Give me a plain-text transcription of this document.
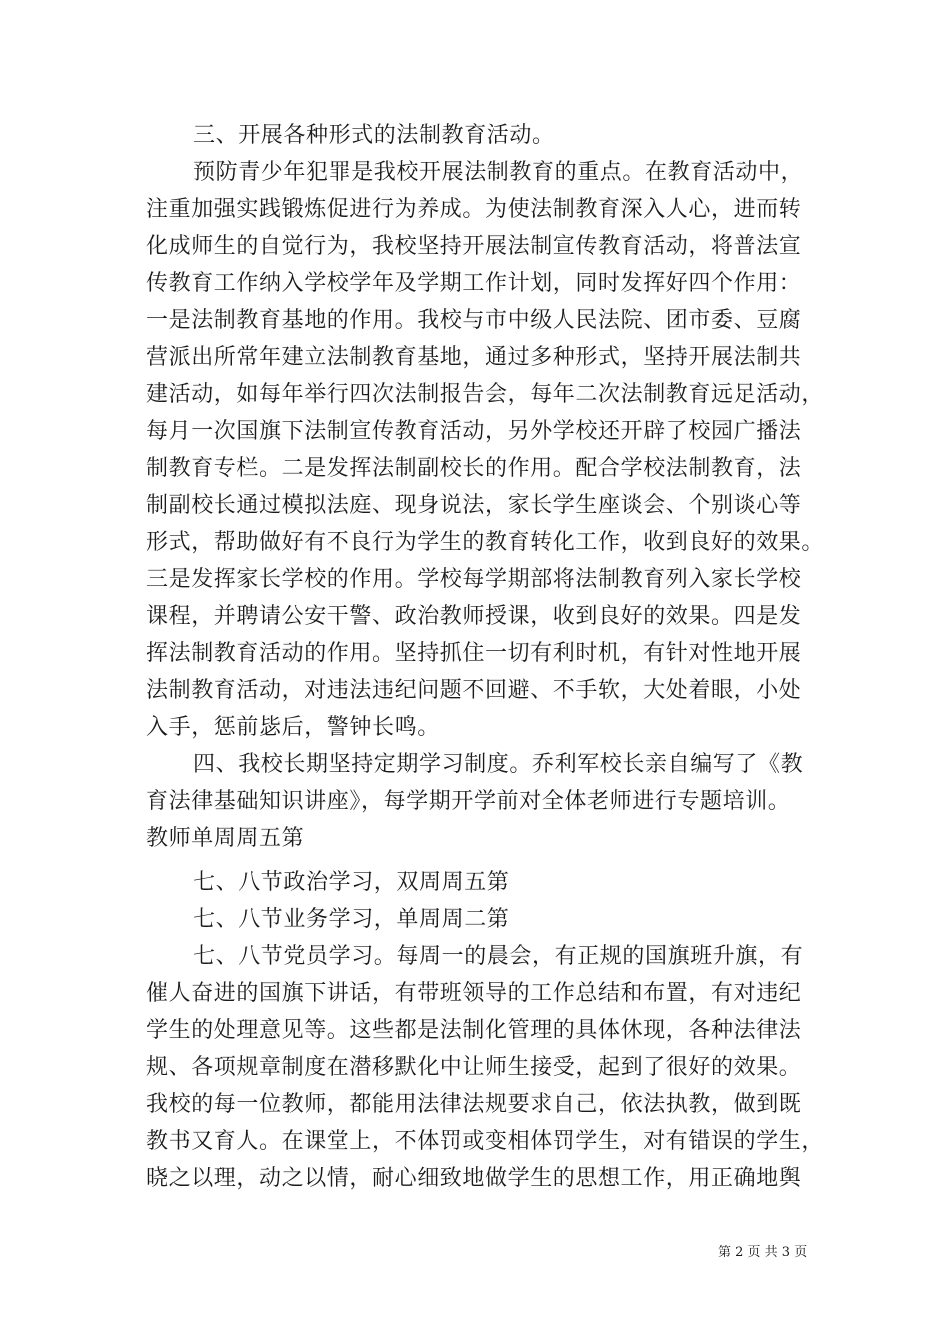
三、开展各种形式的法制教育活动。
预防青少年犯罪是我校开展法制教育的重点。在教育活动中，
注重加强实践锻炼促进行为养成。为使法制教育深入人心，进而转
化成师生的自觉行为，我校坚持开展法制宣传教育活动，将普法宣
传教育工作纳入学校学年及学期工作计划，同时发挥好四个作用：
一是法制教育基地的作用。我校与市中级人民法院、团市委、豆腐
营派出所常年建立法制教育基地，通过多种形式，坚持开展法制共
建活动，如每年举行四次法制报告会，每年二次法制教育远足活动，
每月一次国旗下法制宣传教育活动，另外学校还开辟了校园广播法
制教育专栏。二是发挥法制副校长的作用。配合学校法制教育，法
制副校长通过模拟法庭、现身说法，家长学生座谈会、个别谈心等
形式，帮助做好有不良行为学生的教育转化工作，收到良好的效果。
三是发挥家长学校的作用。学校每学期部将法制教育列入家长学校
课程，并聘请公安干警、政治教师授课，收到良好的效果。四是发
挥法制教育活动的作用。坚持抓住一切有利时机，有针对性地开展
法制教育活动，对违法违纪问题不回避、不手软，大处着眼，小处
入手，惩前毖后，警钟长鸣。
四、我校长期坚持定期学习制度。乔利军校长亲自编写了《教
育法律基础知识讲座》，每学期开学前对全体老师进行专题培训。
教师单周周五第
七、八节政治学习，双周周五第
七、八节业务学习，单周周二第
七、八节党员学习。每周一的晨会，有正规的国旗班升旗，有
催人奋进的国旗下讲话，有带班领导的工作总结和布置，有对违纪
学生的处理意见等。这些都是法制化管理的具体休现，各种法律法
规、各项规章制度在潜移默化中让师生接受，起到了很好的效果。
我校的每一位教师，都能用法律法规要求自己，依法执教，做到既
教书又育人。在课堂上，不体罚或变相体罚学生，对有错误的学生，
晓之以理，动之以情，耐心细致地做学生的思想工作，用正确地舆
第 2 页 共 3 页
